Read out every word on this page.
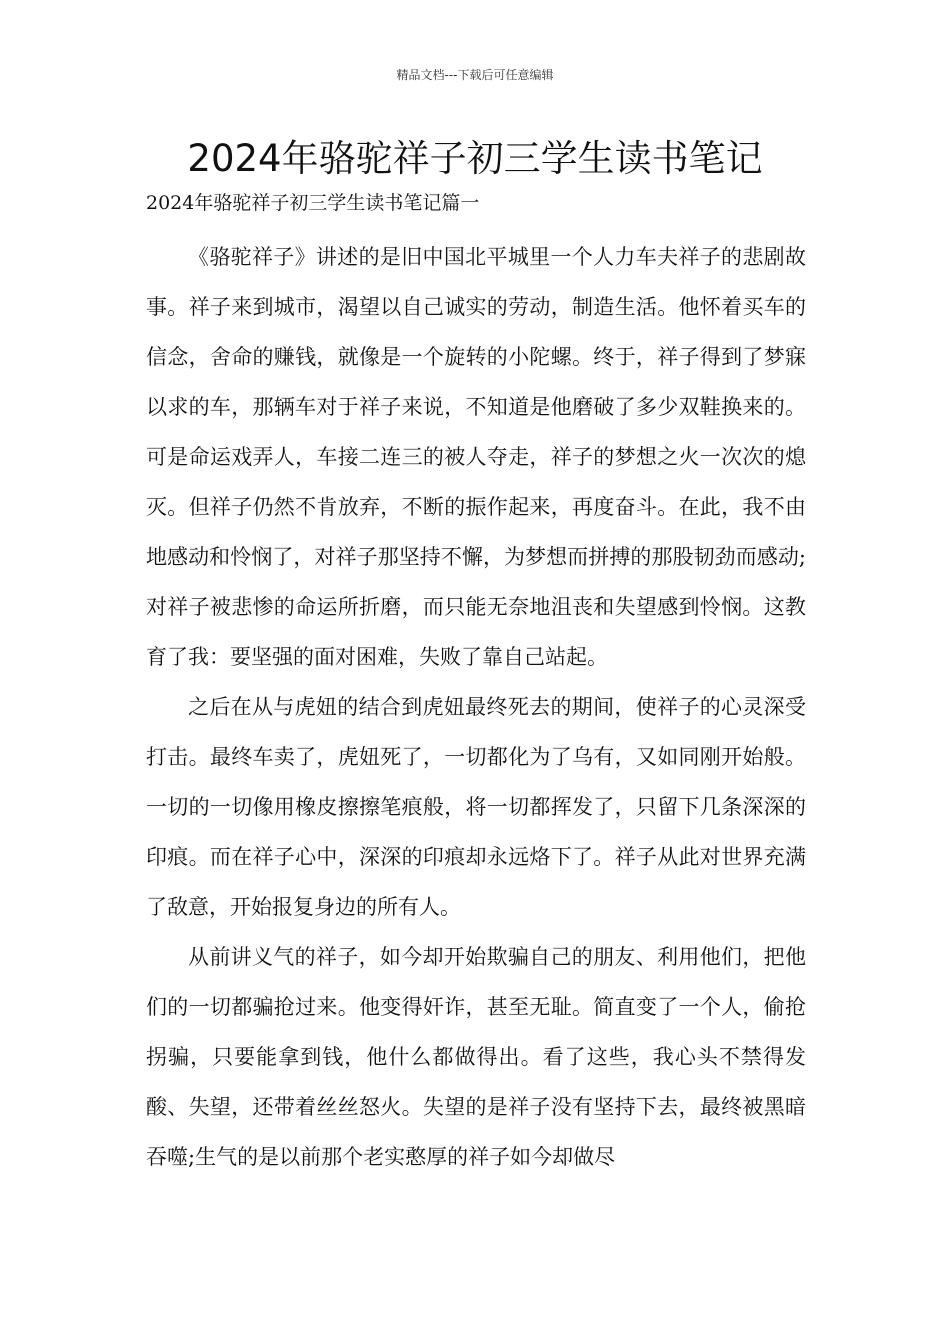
精品文档---下载后可任意编辑
2024年骆驼祥子初三学生读书笔记

2024年骆驼祥子初三学生读书笔记篇一

《骆驼祥子》讲述的是旧中国北平城里一个人力车夫祥子的悲剧故事。祥子来到城市，渴望以自己诚实的劳动，制造生活。他怀着买车的信念，舍命的赚钱，就像是一个旋转的小陀螺。终于，祥子得到了梦寐以求的车，那辆车对于祥子来说，不知道是他磨破了多少双鞋换来的。可是命运戏弄人，车接二连三的被人夺走，祥子的梦想之火一次次的熄灭。但祥子仍然不肯放弃，不断的振作起来，再度奋斗。在此，我不由地感动和怜悯了，对祥子那坚持不懈，为梦想而拼搏的那股韧劲而感动;对祥子被悲惨的命运所折磨，而只能无奈地沮丧和失望感到怜悯。这教育了我：要坚强的面对困难，失败了靠自己站起。

之后在从与虎妞的结合到虎妞最终死去的期间，使祥子的心灵深受打击。最终车卖了，虎妞死了，一切都化为了乌有，又如同刚开始般。一切的一切像用橡皮擦擦笔痕般，将一切都挥发了，只留下几条深深的印痕。而在祥子心中，深深的印痕却永远烙下了。祥子从此对世界充满了敌意，开始报复身边的所有人。

从前讲义气的祥子，如今却开始欺骗自己的朋友、利用他们，把他们的一切都骗抢过来。他变得奸诈，甚至无耻。简直变了一个人，偷抢拐骗，只要能拿到钱，他什么都做得出。看了这些，我心头不禁得发酸、失望，还带着丝丝怒火。失望的是祥子没有坚持下去，最终被黑暗吞噬;生气的是以前那个老实憨厚的祥子如今却做尽
